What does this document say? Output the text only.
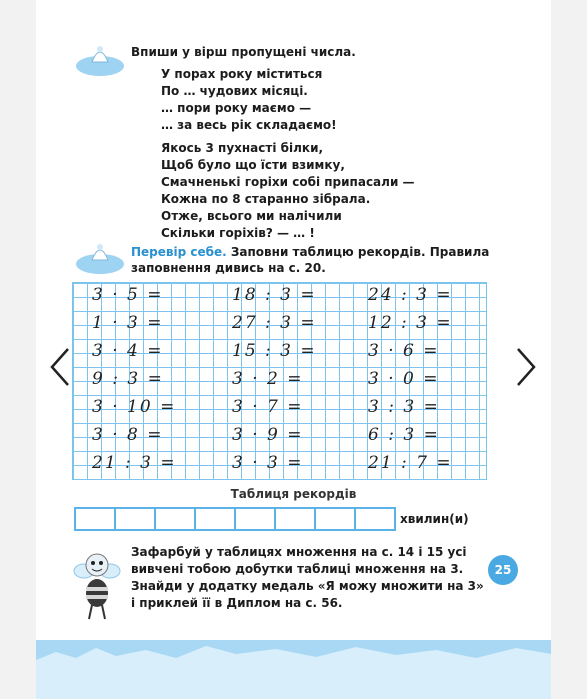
Впиши у вірш пропущені числа.
У порах року міститься
По … чудових місяці.
… пори року маємо —
… за весь рік складаємо!
Якось 3 пухнасті білки,
Щоб було що їсти взимку,
Смачненькі горіхи собі припасали —
Кожна по 8 старанно зібрала.
Отже, всього ми налічили
Скільки горіхів? — … !
Перевір себе. Заповни таблицю рекордів. Правила
заповнення дивись на с. 20.
3 · 5 =
1 · 3 =
3 · 4 =
9 : 3 =
3 · 10 =
3 · 8 =
21 : 3 =
18 : 3 =
27 : 3 =
15 : 3 =
3 · 2 =
3 · 7 =
3 · 9 =
3 · 3 =
24 : 3 =
12 : 3 =
3 · 6 =
3 · 0 =
3 : 3 =
6 : 3 =
21 : 7 =
Таблиця рекордів
хвилин(и)
Зафарбуй у таблицях множення на с. 14 і 15 усі
вивчені тобою добутки таблиці множення на 3.
Знайди у додатку медаль «Я можу множити на 3»
і приклей її в Диплом на с. 56.
25
